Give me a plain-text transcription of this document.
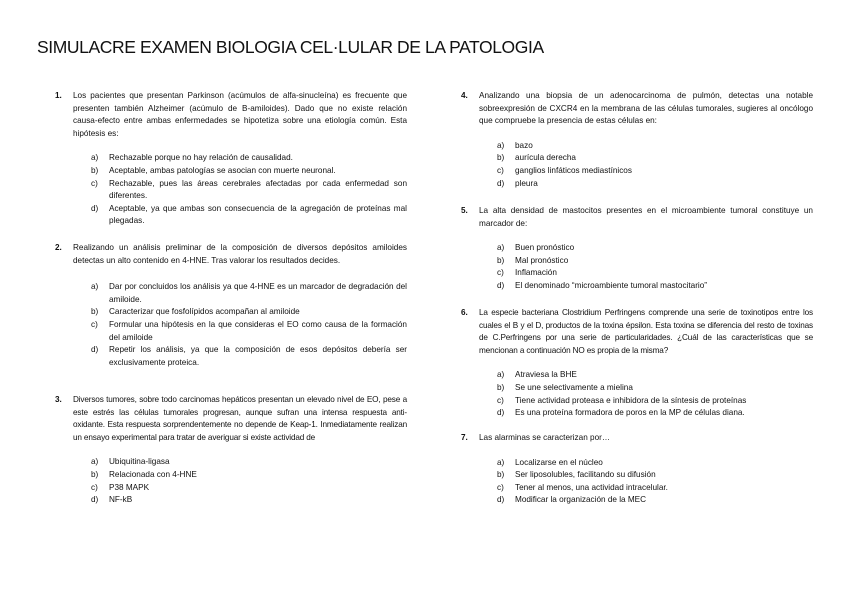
SIMULACRE EXAMEN BIOLOGIA CEL·LULAR DE LA PATOLOGIA
1.	Los pacientes que presentan Parkinson (acúmulos de alfa-sinucleína) es frecuente que presenten también Alzheimer (acúmulo de B-amiloides). Dado que no existe relación causa-efecto entre ambas enfermedades se hipotetiza sobre una etiología común. Esta hipótesis es:
a) Rechazable porque no hay relación de causalidad.
b) Aceptable, ambas patologías se asocian con muerte neuronal.
c) Rechazable, pues las áreas cerebrales afectadas por cada enfermedad son diferentes.
d) Aceptable, ya que ambas son consecuencia de la agregación de proteínas mal plegadas.
2.	Realizando un análisis preliminar de la composición de diversos depósitos amiloides detectas un alto contenido en 4-HNE. Tras valorar los resultados decides.
a) Dar por concluidos los análisis ya que 4-HNE es un marcador de degradación del amiloide.
b) Caracterizar que fosfolípidos acompañan al amiloide
c) Formular una hipótesis en la que consideras el EO como causa de la formación del amiloide
d) Repetir los análisis, ya que la composición de esos depósitos debería ser exclusivamente proteica.
3.	Diversos tumores, sobre todo carcinomas hepáticos presentan un elevado nivel de EO, pese a este estrés las células tumorales progresan, aunque sufran una intensa respuesta anti-oxidante. Esta respuesta sorprendentemente no depende de Keap-1. Inmediatamente realizan un ensayo experimental para tratar de averiguar si existe actividad de
a) Ubiquitina-ligasa
b) Relacionada con 4-HNE
c) P38 MAPK
d) NF-kB
4.	Analizando una biopsia de un adenocarcinoma de pulmón, detectas una notable sobreexpresión de CXCR4 en la membrana de las células tumorales, sugieres al oncólogo que compruebe la presencia de estas células en:
a) bazo
b) aurícula derecha
c) ganglios linfáticos mediastínicos
d) pleura
5.	La alta densidad de mastocitos presentes en el microambiente tumoral constituye un marcador de:
a) Buen pronóstico
b) Mal pronóstico
c) Inflamación
d) El denominado “microambiente tumoral mastocitario”
6.	La especie bacteriana Clostridium Perfringens comprende una serie de toxinotipos entre los cuales el B y el D, productos de la toxina épsilon. Esta toxina se diferencia del resto de toxinas de C.Perfringens por una serie de particularidades. ¿Cuál de las características que se mencionan a continuación NO es propia de la misma?
a) Atraviesa la BHE
b) Se une selectivamente a mielina
c) Tiene actividad proteasa e inhibidora de la síntesis de proteínas
d) Es una proteína formadora de poros en la MP de células diana.
7.	Las alarminas se caracterizan por…
a) Localizarse en el núcleo
b) Ser liposolubles, facilitando su difusión
c) Tener al menos, una actividad intracelular.
d) Modificar la organización de la MEC
